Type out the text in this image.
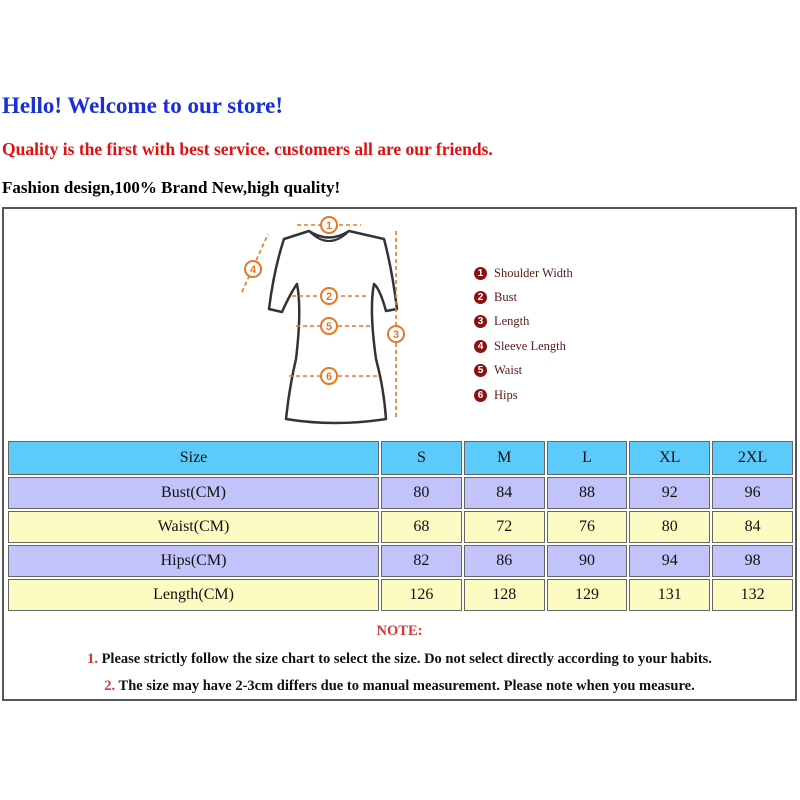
Hello! Welcome to our store!
Quality is the first with best service. customers all are our friends.
Fashion design,100% Brand New,high quality!
1
2
3
4
5
6
1 Shoulder Width
2 Bust
3 Length
4 Sleeve Length
5 Waist
6 Hips
Size	S	M	L	XL	2XL
Bust(CM)	80	84	88	92	96
Waist(CM)	68	72	76	80	84
Hips(CM)	82	86	90	94	98
Length(CM)	126	128	129	131	132
NOTE:
1. Please strictly follow the size chart to select the size. Do not select directly according to your habits.
2. The size may have 2-3cm differs due to manual measurement. Please note when you measure.
